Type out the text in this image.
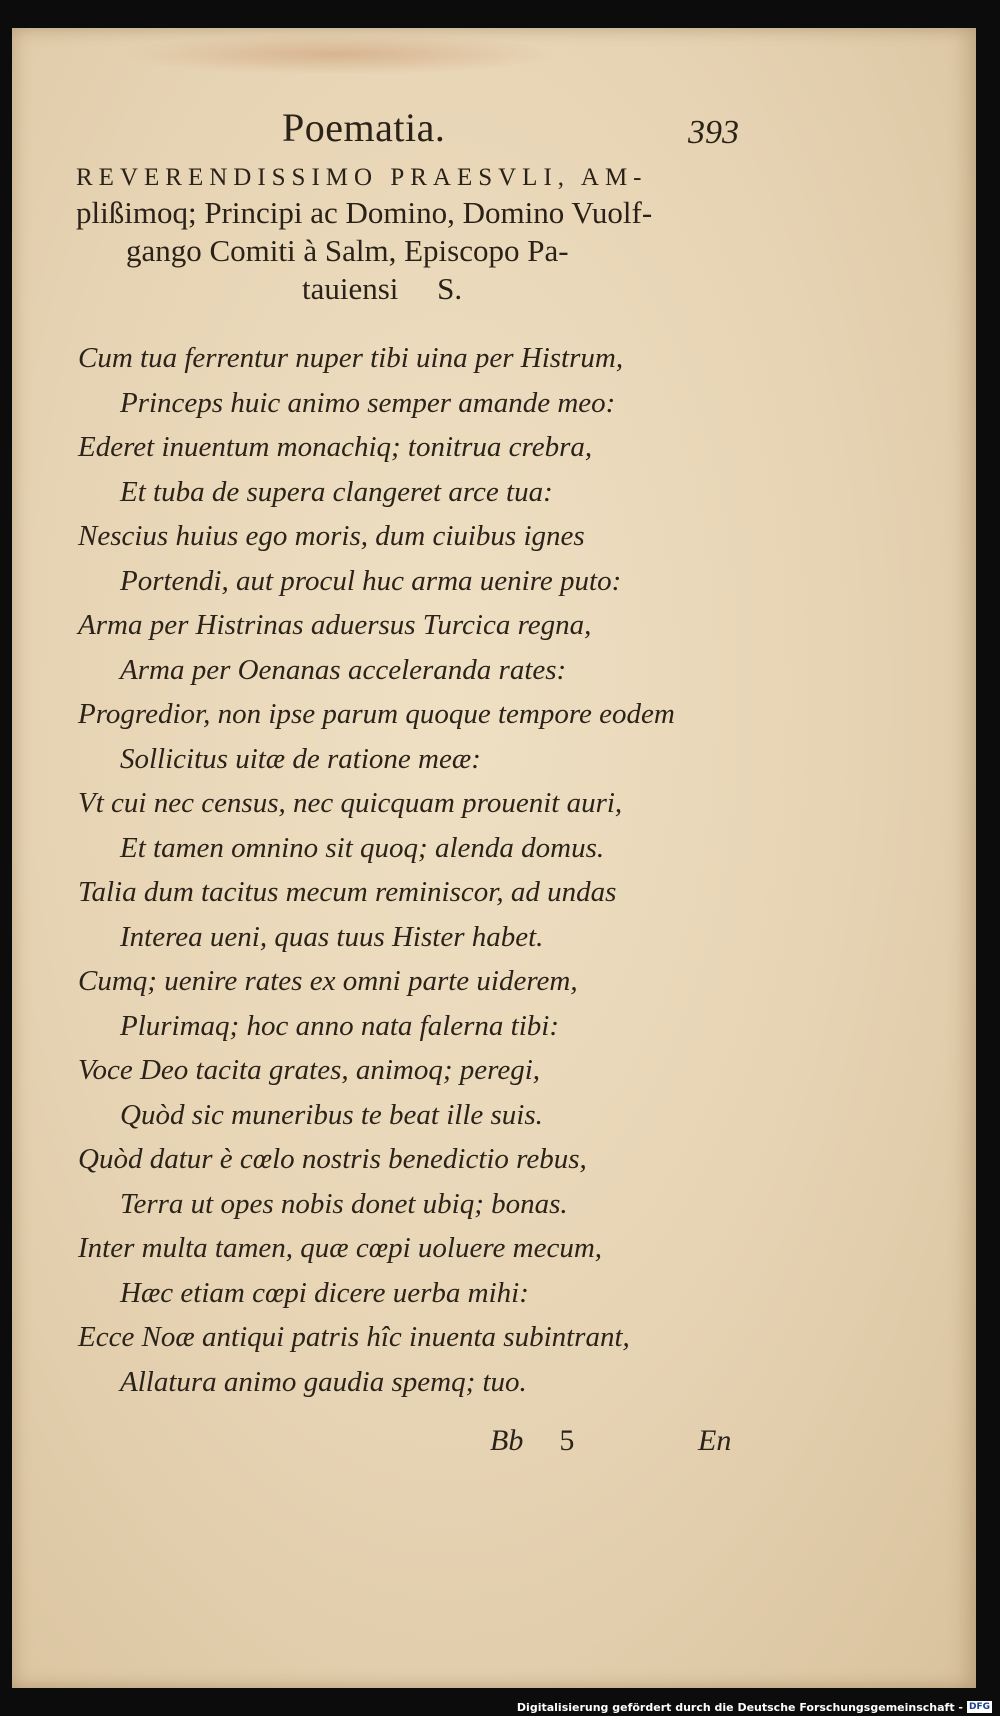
Poematia.	393
REVERENDISSIMO PRAESVLI, AM-
plißimoq; Principi ac Domino, Domino Vuolf-
gango Comiti à Salm, Episcopo Pa-
tauiensi     S.
Cum tua ferrentur nuper tibi uina per Histrum,
Princeps huic animo semper amande meo:
Ederet inuentum monachiq; tonitrua crebra,
Et tuba de supera clangeret arce tua:
Nescius huius ego moris, dum ciuibus ignes
Portendi, aut procul huc arma uenire puto:
Arma per Histrinas aduersus Turcica regna,
Arma per Oenanas acceleranda rates:
Progredior, non ipse parum quoque tempore eodem
Sollicitus uitæ de ratione meæ:
Vt cui nec census, nec quicquam prouenit auri,
Et tamen omnino sit quoq; alenda domus.
Talia dum tacitus mecum reminiscor, ad undas
Interea ueni, quas tuus Hister habet.
Cumq; uenire rates ex omni parte uiderem,
Plurimaq; hoc anno nata falerna tibi:
Voce Deo tacita grates, animoq; peregi,
Quòd sic muneribus te beat ille suis.
Quòd datur è cœlo nostris benedictio rebus,
Terra ut opes nobis donet ubiq; bonas.
Inter multa tamen, quæ cœpi uoluere mecum,
Hæc etiam cœpi dicere uerba mihi:
Ecce Noæ antiqui patris hîc inuenta subintrant,
Allatura animo gaudia spemq; tuo.
Bb 5	En
Digitalisierung gefördert durch die Deutsche Forschungsgemeinschaft - DFG
